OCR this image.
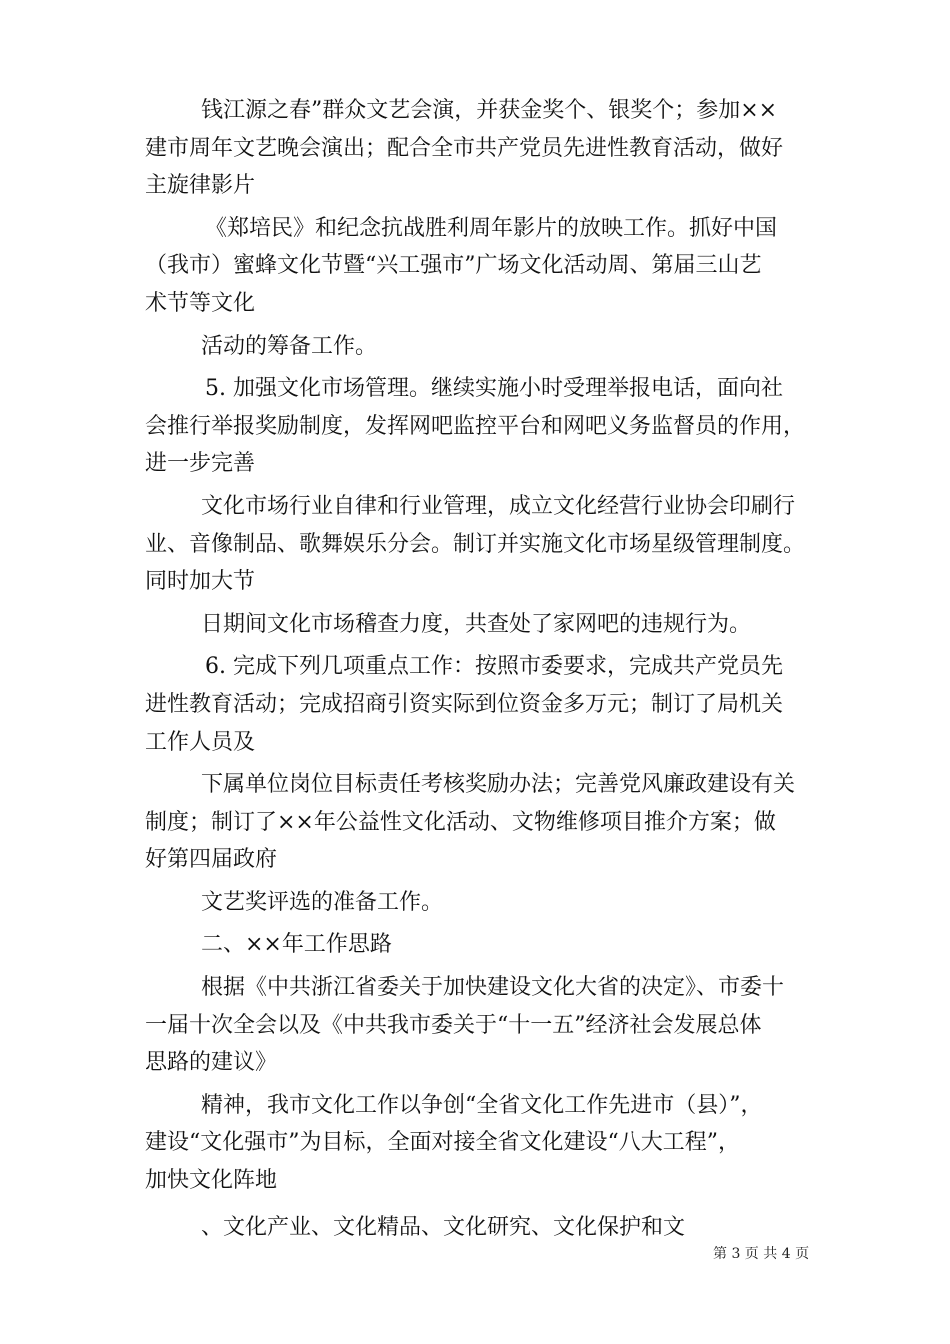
钱江源之春”群众文艺会演，并获金奖个、银奖个；参加××
建市周年文艺晚会演出；配合全市共产党员先进性教育活动，做好
主旋律影片
《郑培民》和纪念抗战胜利周年影片的放映工作。抓好中国
（我市）蜜蜂文化节暨“兴工强市”广场文化活动周、第届三山艺
术节等文化
活动的筹备工作。
5. 加强文化市场管理。继续实施小时受理举报电话，面向社
会推行举报奖励制度，发挥网吧监控平台和网吧义务监督员的作用，
进一步完善
文化市场行业自律和行业管理，成立文化经营行业协会印刷行
业、音像制品、歌舞娱乐分会。制订并实施文化市场星级管理制度。
同时加大节
日期间文化市场稽查力度，共查处了家网吧的违规行为。
6. 完成下列几项重点工作：按照市委要求，完成共产党员先
进性教育活动；完成招商引资实际到位资金多万元；制订了局机关
工作人员及
下属单位岗位目标责任考核奖励办法；完善党风廉政建设有关
制度；制订了××年公益性文化活动、文物维修项目推介方案；做
好第四届政府
文艺奖评选的准备工作。
二、××年工作思路
根据《中共浙江省委关于加快建设文化大省的决定》、市委十
一届十次全会以及《中共我市委关于“十一五”经济社会发展总体
思路的建议》
精神，我市文化工作以争创“全省文化工作先进市（县）”，
建设“文化强市”为目标，全面对接全省文化建设“八大工程”，
加快文化阵地
、文化产业、文化精品、文化研究、文化保护和文
第 3 页 共 4 页
